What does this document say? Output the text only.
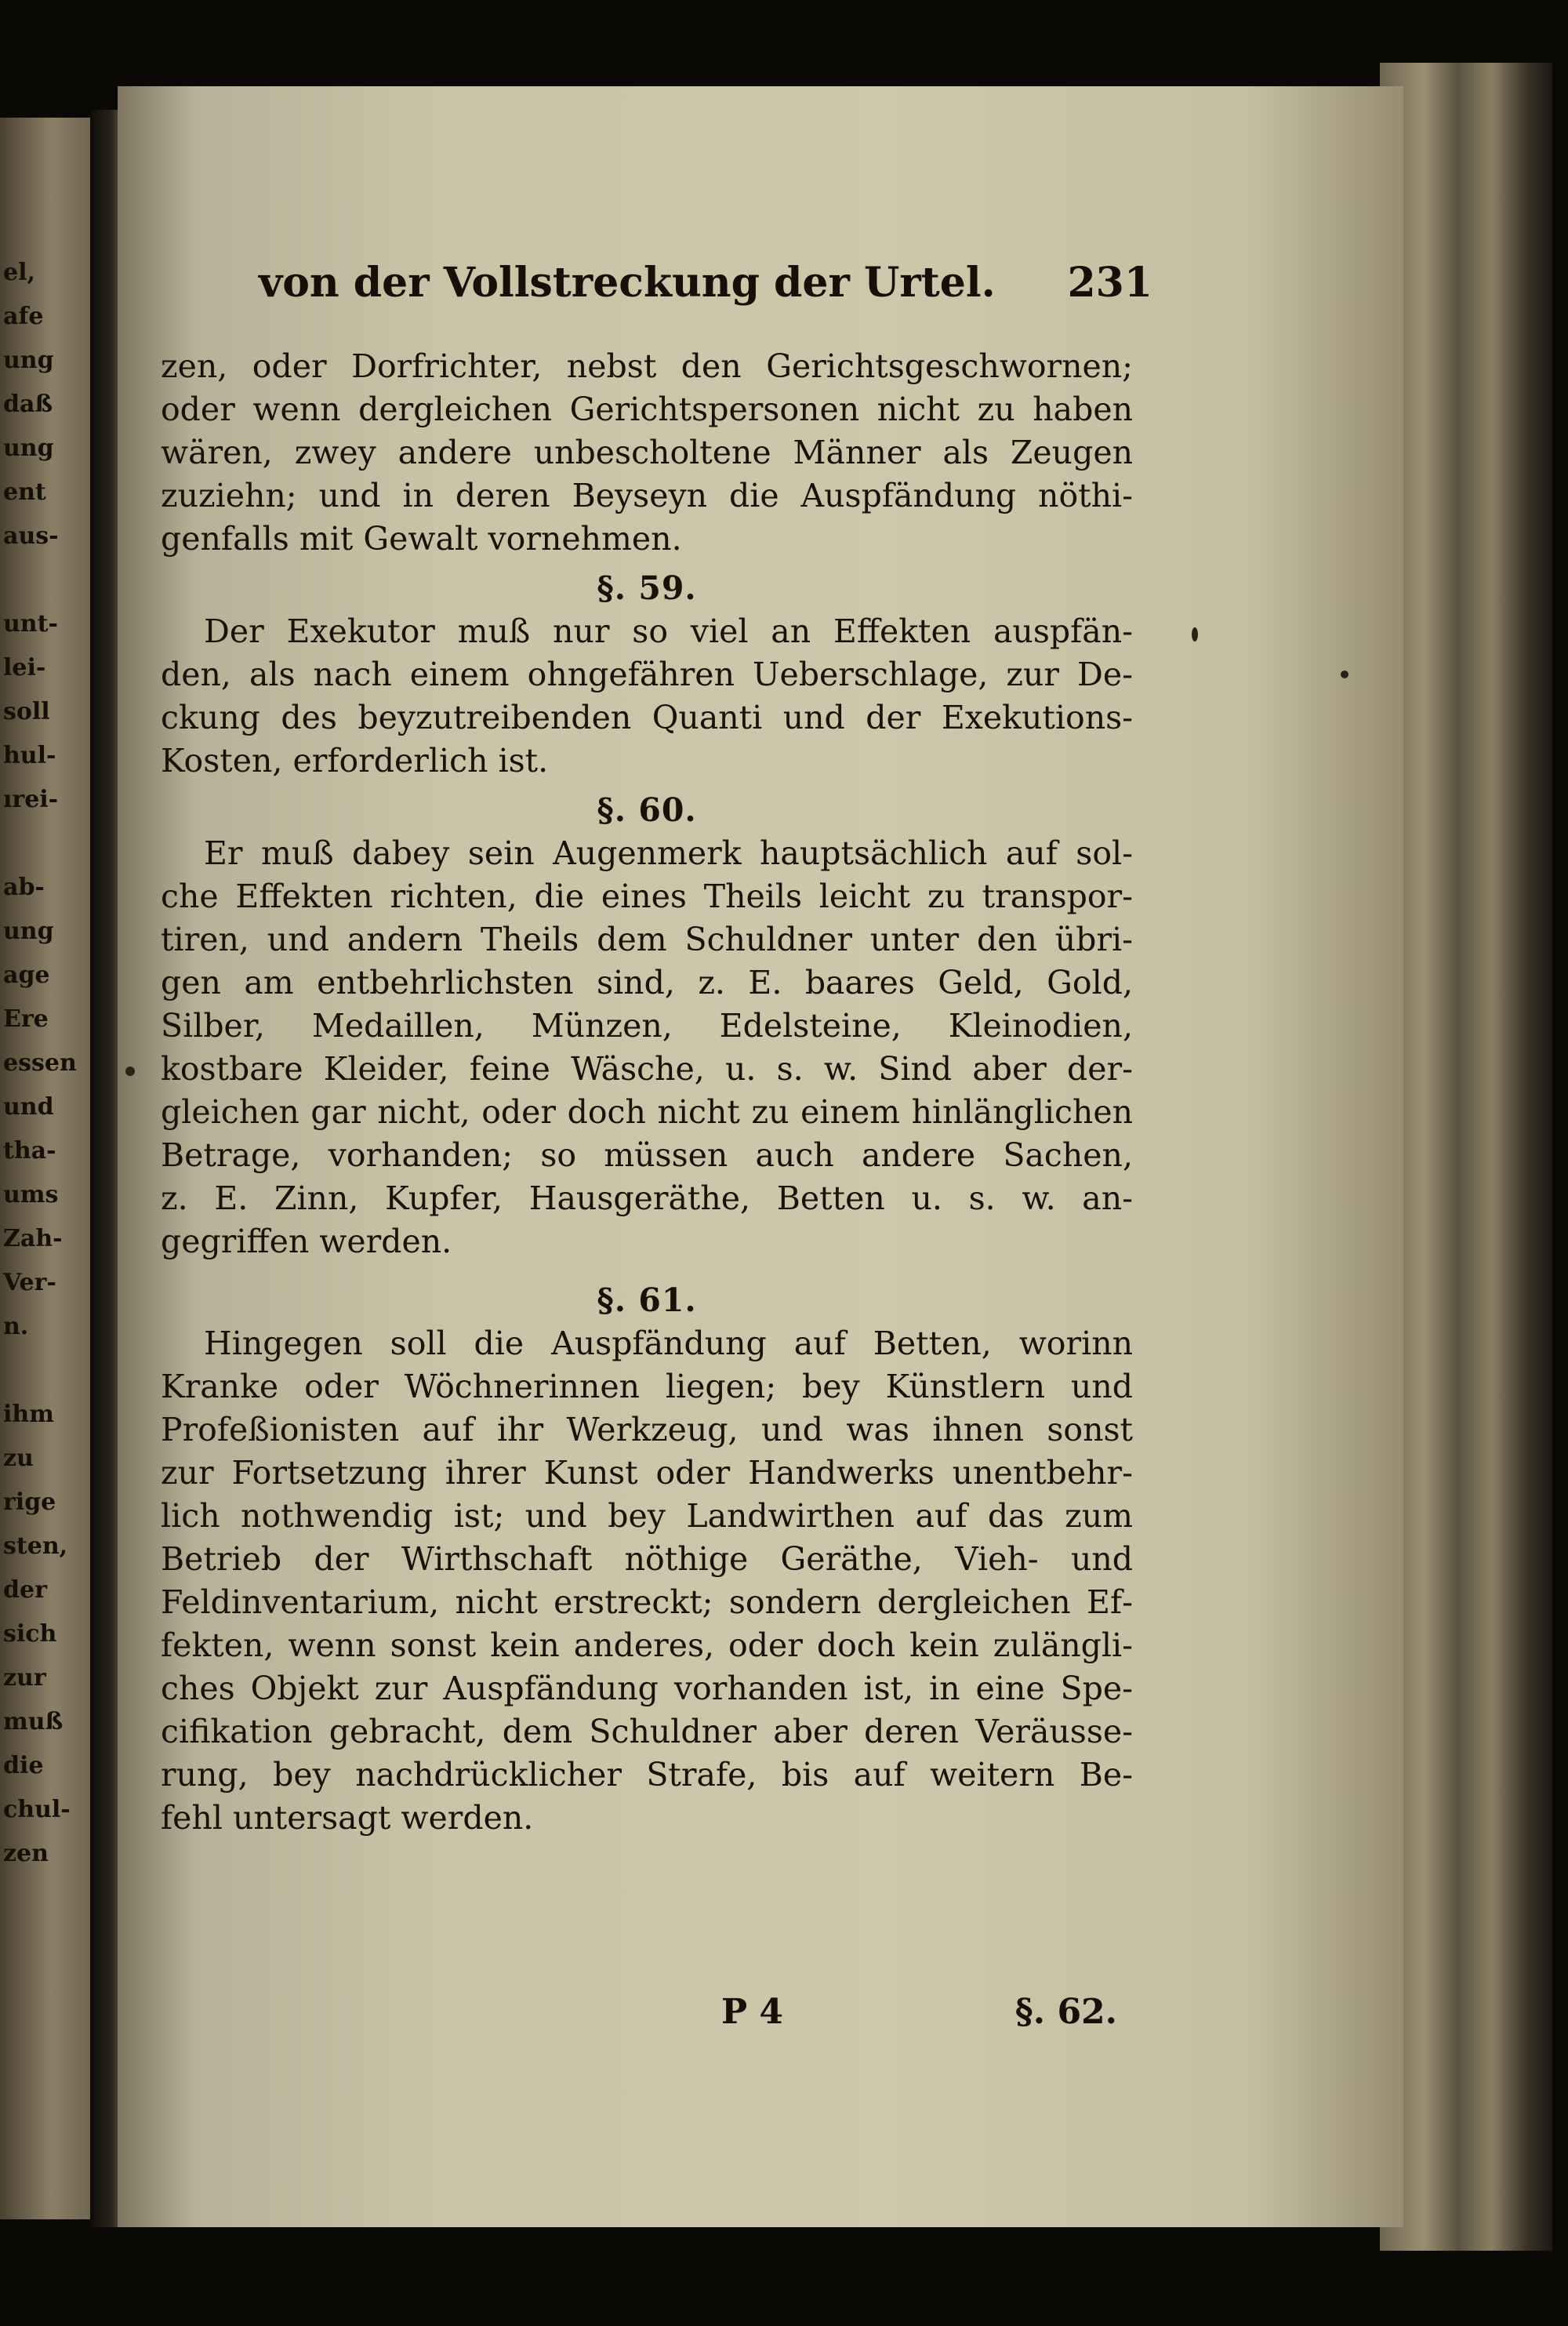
el,
afe
ung
daß
ung
ent
aus‑
unt‑
lei‑
soll
hul‑
ırei‑
ab‑
ung
age
Ere
essen
und
tha‑
ums
Zah‑
Ver‑
n.
ihm
zu
rige
sten,
der
sich
zur
muß
die
chul‑
zen
von der Vollstreckung der Urtel. 231
zen, oder Dorfrichter, nebst den Gerichtsgeschwornen;
oder wenn dergleichen Gerichtspersonen nicht zu haben
wären, zwey andere unbescholtene Männer als Zeugen
zuziehn; und in deren Beyseyn die Auspfändung nöthi‑
genfalls mit Gewalt vornehmen.
§. 59.
Der Exekutor muß nur so viel an Effekten auspfän‑
den, als nach einem ohngefähren Ueberschlage, zur De‑
ckung des beyzutreibenden Quanti und der Exekutions‑
Kosten, erforderlich ist.
§. 60.
Er muß dabey sein Augenmerk hauptsächlich auf sol‑
che Effekten richten, die eines Theils leicht zu transpor‑
tiren, und andern Theils dem Schuldner unter den übri‑
gen am entbehrlichsten sind, z. E. baares Geld, Gold,
Silber, Medaillen, Münzen, Edelsteine, Kleinodien,
kostbare Kleider, feine Wäsche, u. s. w. Sind aber der‑
gleichen gar nicht, oder doch nicht zu einem hinlänglichen
Betrage, vorhanden; so müssen auch andere Sachen,
z. E. Zinn, Kupfer, Hausgeräthe, Betten u. s. w. an‑
gegriffen werden.
§. 61.
Hingegen soll die Auspfändung auf Betten, worinn
Kranke oder Wöchnerinnen liegen; bey Künstlern und
Profeßionisten auf ihr Werkzeug, und was ihnen sonst
zur Fortsetzung ihrer Kunst oder Handwerks unentbehr‑
lich nothwendig ist; und bey Landwirthen auf das zum
Betrieb der Wirthschaft nöthige Geräthe, Vieh‑ und
Feldinventarium, nicht erstreckt; sondern dergleichen Ef‑
fekten, wenn sonst kein anderes, oder doch kein zulängli‑
ches Objekt zur Auspfändung vorhanden ist, in eine Spe‑
cifikation gebracht, dem Schuldner aber deren Veräusse‑
rung, bey nachdrücklicher Strafe, bis auf weitern Be‑
fehl untersagt werden.
P 4	§. 62.
